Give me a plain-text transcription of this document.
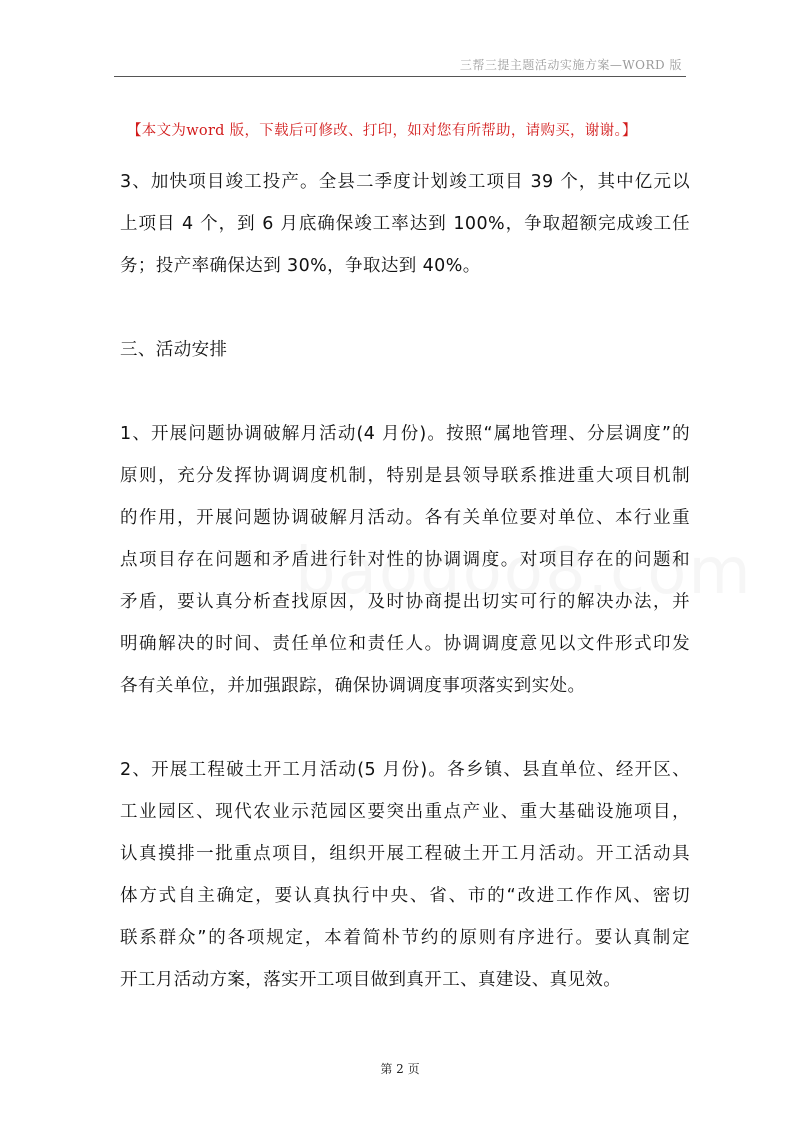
三帮三提主题活动实施方案—WORD 版
【本文为word 版，下载后可修改、打印，如对您有所帮助，请购买，谢谢。】

3、加快项目竣工投产。全县二季度计划竣工项目 39 个，其中亿元以
上项目 4 个，到 6 月底确保竣工率达到 100%，争取超额完成竣工任
务；投产率确保达到 30%，争取达到 40%。

三、活动安排

1、开展问题协调破解月活动(4 月份)。按照“属地管理、分层调度”的
原则，充分发挥协调调度机制，特别是县领导联系推进重大项目机制
的作用，开展问题协调破解月活动。各有关单位要对单位、本行业重
点项目存在问题和矛盾进行针对性的协调调度。对项目存在的问题和
矛盾，要认真分析查找原因，及时协商提出切实可行的解决办法，并
明确解决的时间、责任单位和责任人。协调调度意见以文件形式印发
各有关单位，并加强跟踪，确保协调调度事项落实到实处。

2、开展工程破土开工月活动(5 月份)。各乡镇、县直单位、经开区、
工业园区、现代农业示范园区要突出重点产业、重大基础设施项目，
认真摸排一批重点项目，组织开展工程破土开工月活动。开工活动具
体方式自主确定，要认真执行中央、省、市的“改进工作作风、密切
联系群众”的各项规定，本着简朴节约的原则有序进行。要认真制定
开工月活动方案，落实开工项目做到真开工、真建设、真见效。

第 2 页
